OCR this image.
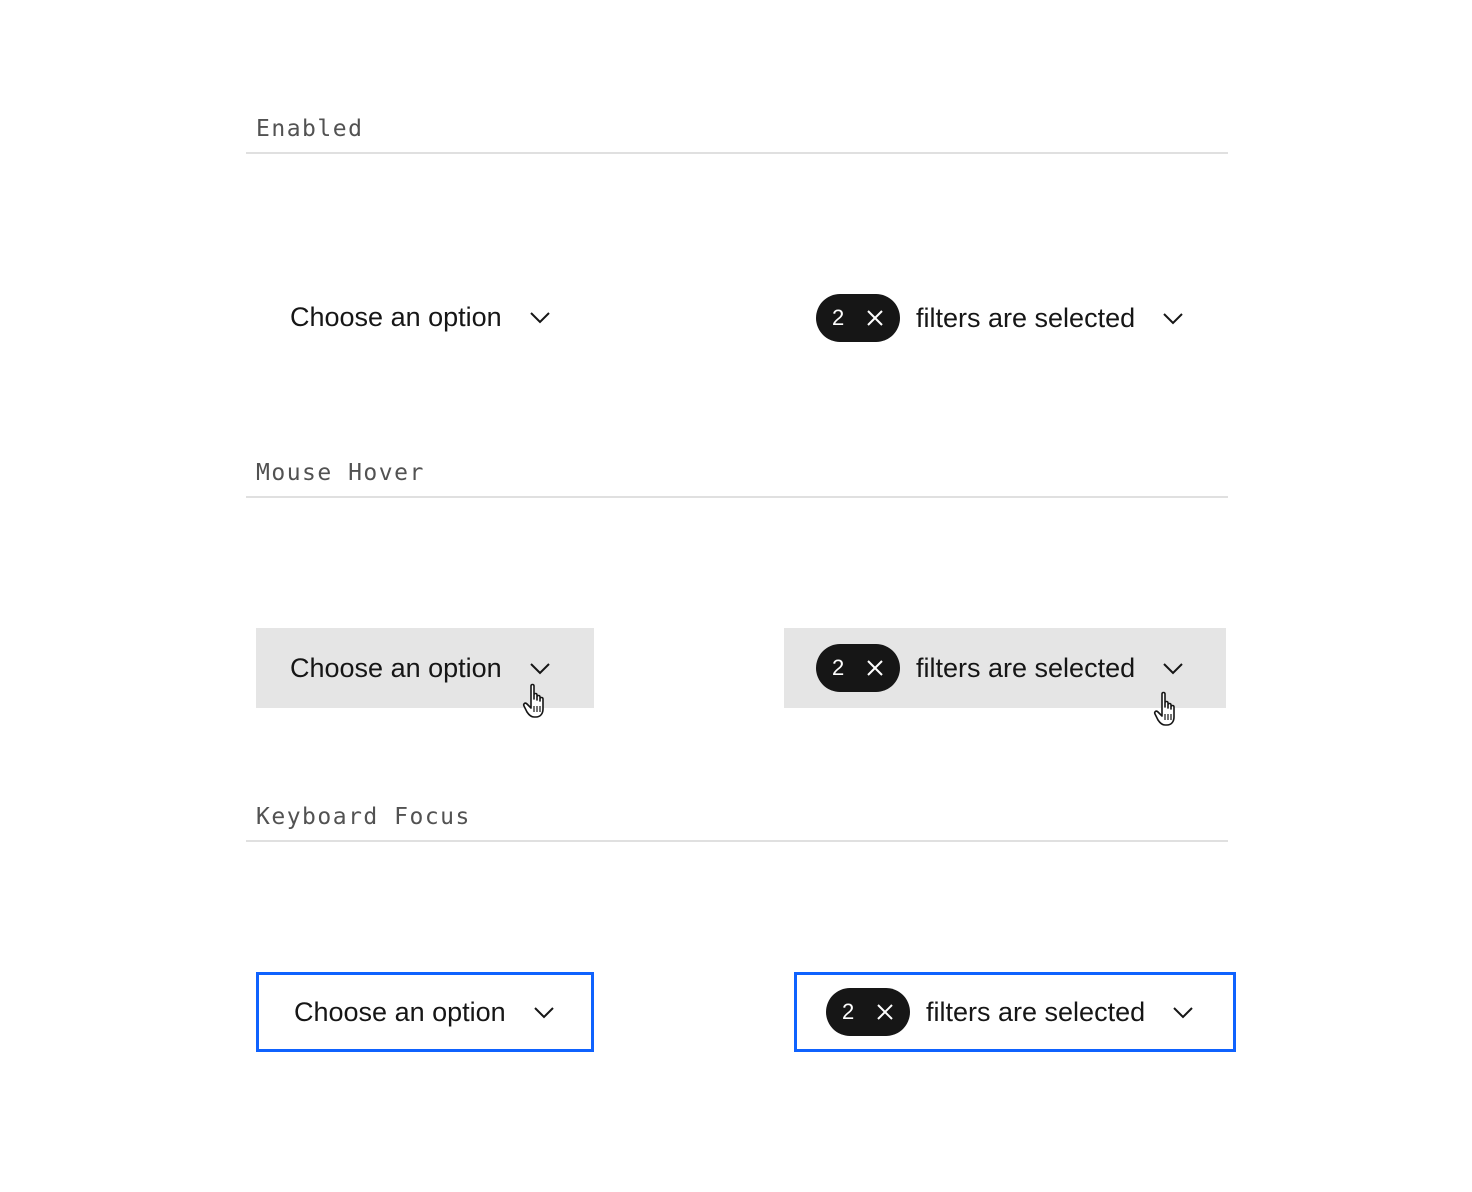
Enabled
Choose an option	2	filters are selected
Mouse Hover
Choose an option	2	filters are selected
Keyboard Focus
Choose an option	2	filters are selected
